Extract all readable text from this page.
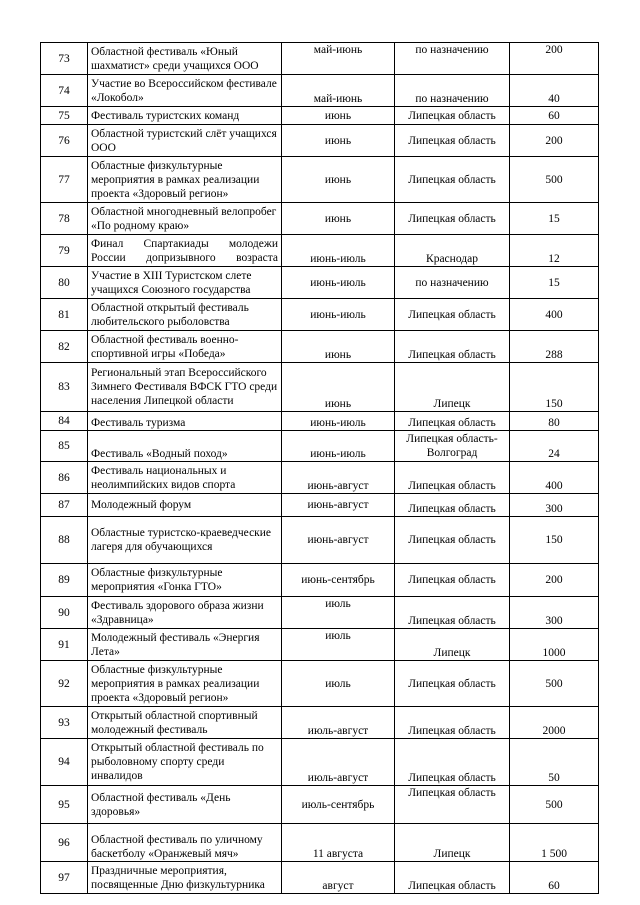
73	Областной фестиваль «Юный шахматист» среди учащихся ООО	май-июнь	по назначению	200
74	Участие во Всероссийском фестивале «Локобол»	май-июнь	по назначению	40
75	Фестиваль туристских команд	июнь	Липецкая область	60
76	Областной туристский слёт учащихся ООО	июнь	Липецкая область	200
77	Областные физкультурные мероприятия в рамках реализации проекта «Здоровый регион»	июнь	Липецкая область	500
78	Областной многодневный велопробег «По родному краю»	июнь	Липецкая область	15
79	Финал Спартакиады молодежи России допризывного возраста	июнь-июль	Краснодар	12
80	Участие в XIII Туристском слете учащихся Союзного государства	июнь-июль	по назначению	15
81	Областной открытый фестиваль любительского рыболовства	июнь-июль	Липецкая область	400
82	Областной фестиваль военно-спортивной игры «Победа»	июнь	Липецкая область	288
83	Региональный этап Всероссийского Зимнего Фестиваля ВФСК ГТО среди населения Липецкой области	июнь	Липецк	150
84	Фестиваль туризма	июнь-июль	Липецкая область	80
85	Фестиваль «Водный поход»	июнь-июль	Липецкая область-Волгоград	24
86	Фестиваль национальных и неолимпийских видов спорта	июнь-август	Липецкая область	400
87	Молодежный форум	июнь-август	Липецкая область	300
88	Областные туристско-краеведческие лагеря для обучающихся	июнь-август	Липецкая область	150
89	Областные физкультурные мероприятия «Гонка ГТО»	июнь-сентябрь	Липецкая область	200
90	Фестиваль здорового образа жизни «Здравница»	июль	Липецкая область	300
91	Молодежный фестиваль «Энергия Лета»	июль	Липецк	1000
92	Областные физкультурные мероприятия в рамках реализации проекта «Здоровый регион»	июль	Липецкая область	500
93	Открытый областной спортивный молодежный фестиваль	июль-август	Липецкая область	2000
94	Открытый областной фестиваль по рыболовному спорту среди инвалидов	июль-август	Липецкая область	50
95	Областной фестиваль «День здоровья»	июль-сентябрь	Липецкая область	500
96	Областной фестиваль по уличному баскетболу «Оранжевый мяч»	11 августа	Липецк	1 500
97	Праздничные мероприятия, посвященные Дню физкультурника	август	Липецкая область	60
